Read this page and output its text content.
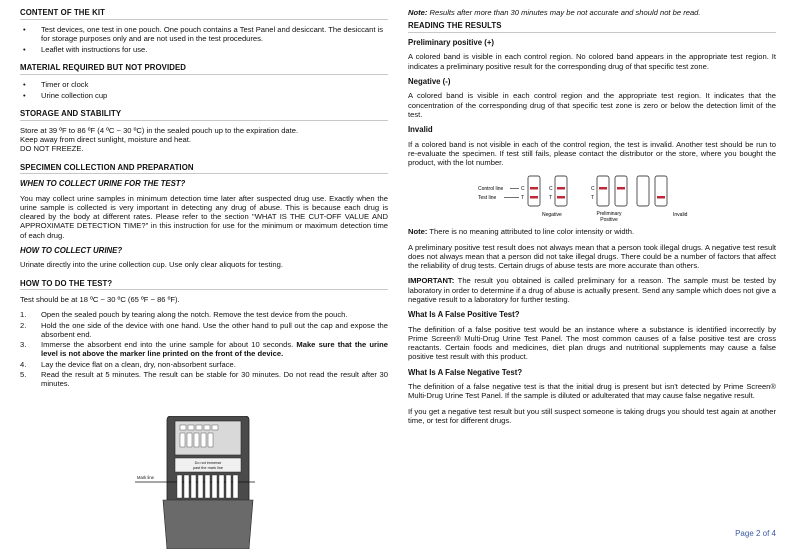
CONTENT OF THE KIT
• Test devices, one test in one pouch. One pouch contains a Test Panel and desiccant. The desiccant is for storage purposes only and are not used in the test procedures.
• Leaflet with instructions for use.
MATERIAL REQUIRED BUT NOT PROVIDED
• Timer or clock
• Urine collection cup
STORAGE AND STABILITY

Store at 39 ºF to 86 ºF (4 ºC ~ 30 ºC) in the sealed pouch up to the expiration date.
Keep away from direct sunlight, moisture and heat.
DO NOT FREEZE.

SPECIMEN COLLECTION AND PREPARATION
WHEN TO COLLECT URINE FOR THE TEST?

You may collect urine samples in minimum detection time later after suspected drug use. Exactly when the urine sample is collected is very important in detecting any drug of abuse. This is because each drug is cleared by the body at different rates. Please refer to the section "WHAT IS THE CUT-OFF VALUE AND APPROXIMATE DETECTION TIME?" in this instruction for use for the minimum or maximum detection time of each drug.

HOW TO COLLECT URINE?

Urinate directly into the urine collection cup. Use only clear aliquots for testing.

HOW TO DO THE TEST?

Test should be at 18 ºC ~ 30 ºC (65 ºF ~ 86 ºF).

1. Open the sealed pouch by tearing along the notch. Remove the test device from the pouch.
2. Hold the one side of the device with one hand. Use the other hand to pull out the cap and expose the absorbent end.
3. Immerse the absorbent end into the urine sample for about 10 seconds. Make sure that the urine level is not above the marker line printed on the front of the device.
4. Lay the device flat on a clean, dry, non-absorbent surface.
5. Read the result at 5 minutes. The result can be stable for 30 minutes. Do not read the result after 30 minutes.
Do not immerse
past the mark line
Mark line

Note: Results after more than 30 minutes may be not accurate and should not be read.

READING THE RESULTS
Preliminary positive (+)

A colored band is visible in each control region. No colored band appears in the appropriate test region. It indicates a preliminary positive result for the corresponding drug of that specific test zone.

Negative (-)

A colored band is visible in each control region and the appropriate test region. It indicates that the concentration of the corresponding drug of that specific test zone is zero or below the detection limit of the test.

Invalid

If a colored band is not visible in each of the control region, the test is invalid. Another test should be run to re-evaluate the specimen. If test still fails, please contact the distributor or the store, where you bought the product, with the lot number.

Control line
Test line
C
T
C
T
Negative
C
T
Preliminary
Positive
Invalid

Note: There is no meaning attributed to line color intensity or width.

A preliminary positive test result does not always mean that a person took illegal drugs. A negative test result does not always mean that a person did not take illegal drugs. There could be a number of factors that affect the reliability of drug tests. Certain drugs of abuse tests are more accurate than others.

IMPORTANT: The result you obtained is called preliminary for a reason. The sample must be tested by laboratory in order to determine if a drug of abuse is actually present. Send any sample which does not give a negative result to a laboratory for further testing.

What Is A False Positive Test?

The definition of a false positive test would be an instance where a substance is identified incorrectly by Prime Screen® Multi-Drug Urine Test Panel. The most common causes of a false positive test are cross reactants. Certain foods and medicines, diet plan drugs and nutritional supplements may cause a false positive test result with this product.

What Is A False Negative Test?

The definition of a false negative test is that the initial drug is present but isn't detected by Prime Screen® Multi-Drug Urine Test Panel. If the sample is diluted or adulterated that may cause false negative result.

If you get a negative test result but you still suspect someone is taking drugs you should test again at another time, or test for different drugs.

Page 2 of 4
